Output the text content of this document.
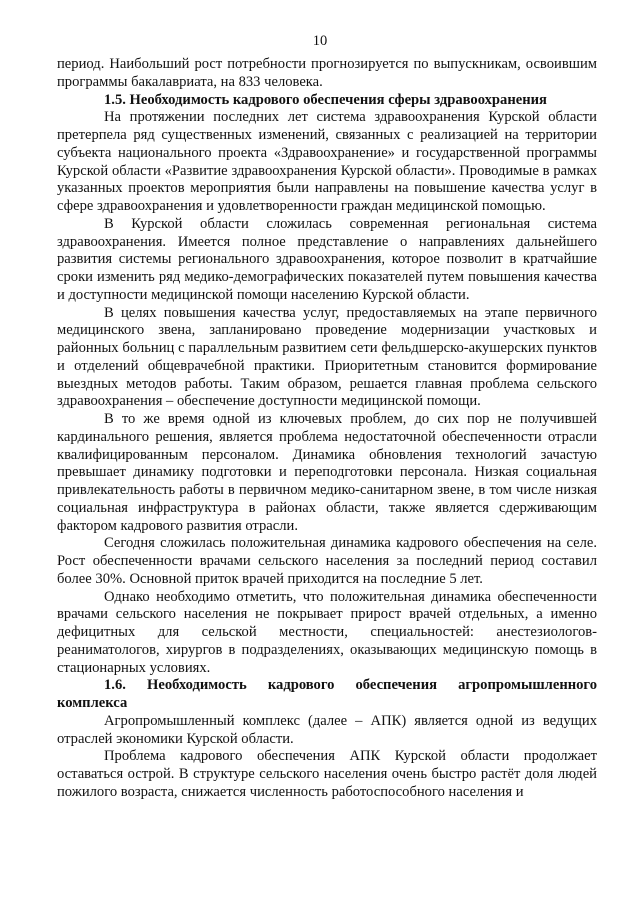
10

период. Наибольший рост потребности прогнозируется по выпускникам, освоившим программы бакалавриата, на 833 человека.

1.5. Необходимость кадрового обеспечения сферы здравоохранения

На протяжении последних лет система здравоохранения Курской области претерпела ряд существенных изменений, связанных с реализацией на территории субъекта национального проекта «Здравоохранение» и государственной программы Курской области «Развитие здравоохранения Курской области». Проводимые в рамках указанных проектов мероприятия были направлены на повышение качества услуг в сфере здравоохранения и удовлетворенности граждан медицинской помощью.

В Курской области сложилась современная региональная система здравоохранения. Имеется полное представление о направлениях дальнейшего развития системы регионального здравоохранения, которое позволит в кратчайшие сроки изменить ряд медико-демографических показателей путем повышения качества и доступности медицинской помощи населению Курской области.

В целях повышения качества услуг, предоставляемых на этапе первичного медицинского звена, запланировано проведение модернизации участковых и районных больниц с параллельным развитием сети фельдшерско-акушерских пунктов и отделений общеврачебной практики. Приоритетным становится формирование выездных методов работы. Таким образом, решается главная проблема сельского здравоохранения – обеспечение доступности медицинской помощи.

В то же время одной из ключевых проблем, до сих пор не получившей кардинального решения, является проблема недостаточной обеспеченности отрасли квалифицированным персоналом. Динамика обновления технологий зачастую превышает динамику подготовки и переподготовки персонала. Низкая социальная привлекательность работы в первичном медико-санитарном звене, в том числе низкая социальная инфраструктура в районах области, также является сдерживающим фактором кадрового развития отрасли.

Сегодня сложилась положительная динамика кадрового обеспечения на селе. Рост обеспеченности врачами сельского населения за последний период составил более 30%. Основной приток врачей приходится на последние 5 лет.

Однако необходимо отметить, что положительная динамика обеспеченности врачами сельского населения не покрывает прирост врачей отдельных, а именно дефицитных для сельской местности, специальностей: анестезиологов-реаниматологов, хирургов в подразделениях, оказывающих медицинскую помощь в стационарных условиях.

1.6. Необходимость кадрового обеспечения агропромышленного комплекса

Агропромышленный комплекс (далее – АПК) является одной из ведущих отраслей экономики Курской области.

Проблема кадрового обеспечения АПК Курской области продолжает оставаться острой. В структуре сельского населения очень быстро растёт доля людей пожилого возраста, снижается численность работоспособного населения и
